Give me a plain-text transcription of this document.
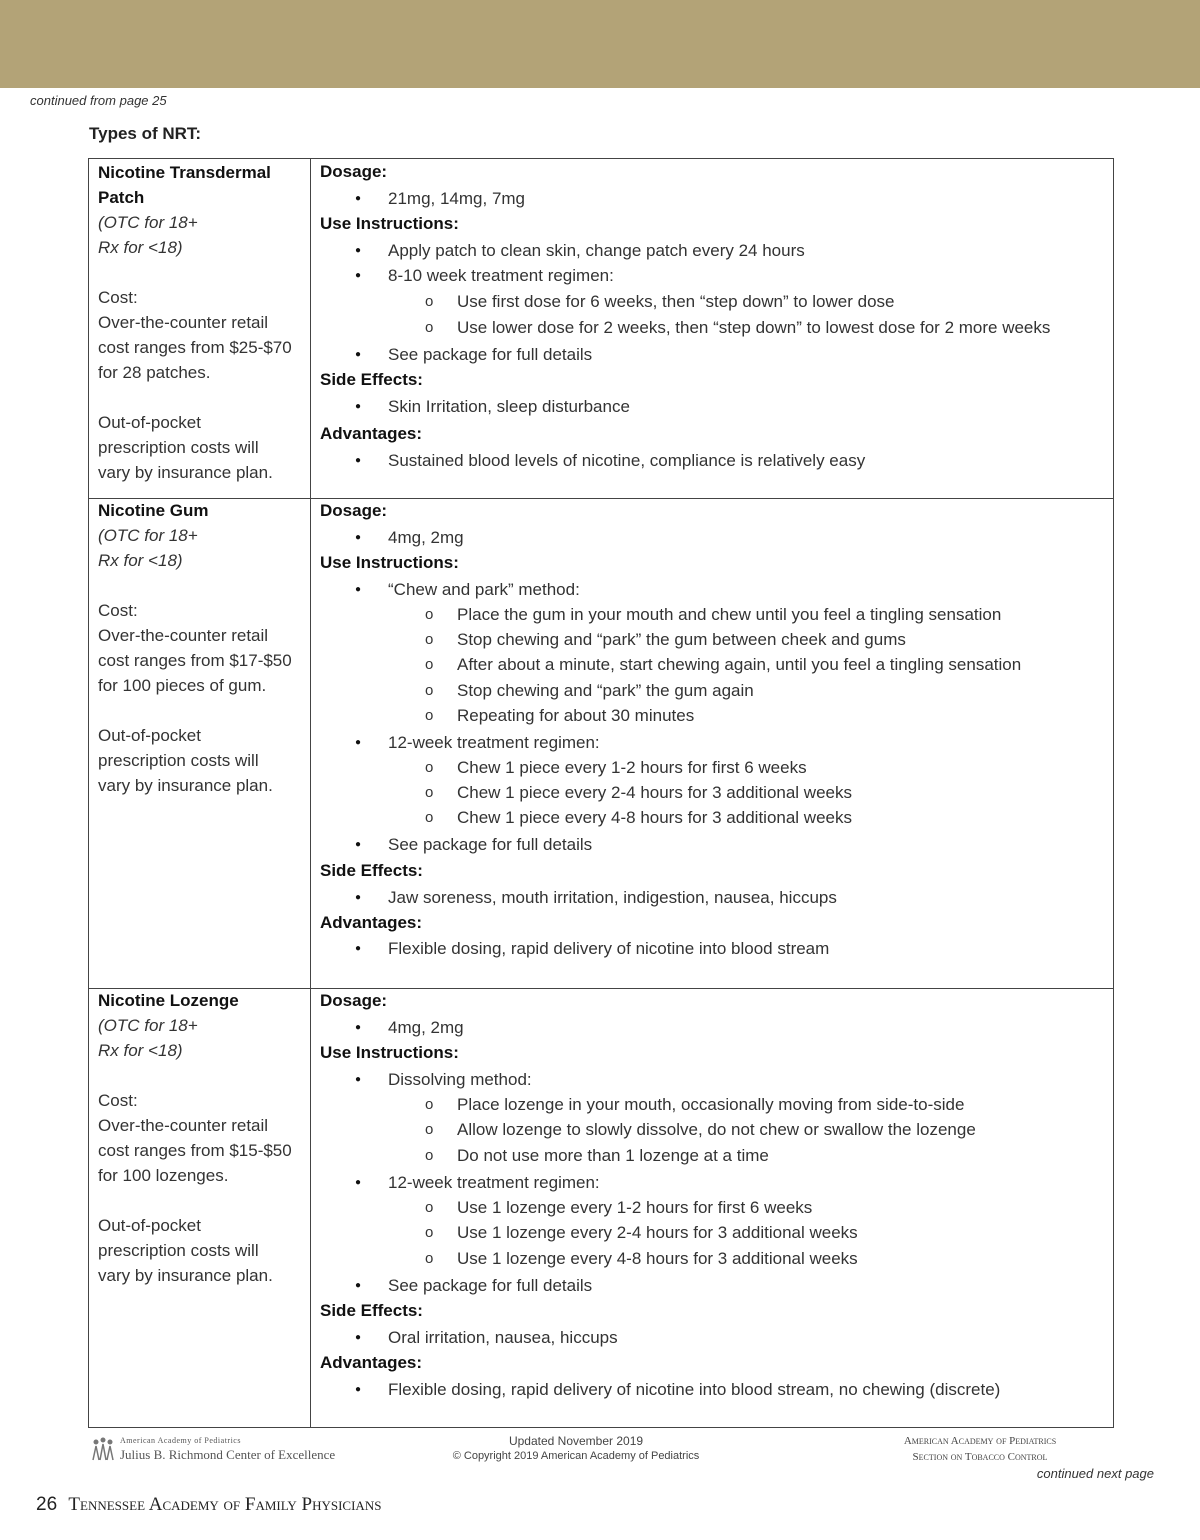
continued from page 25
Types of NRT:
Nicotine Transdermal
Patch
(OTC for 18+
Rx for <18)
Cost:
Over-the-counter retail
cost ranges from $25-$70
for 28 patches.
Out-of-pocket
prescription costs will
vary by insurance plan.
Dosage:
● 21mg, 14mg, 7mg
Use Instructions:
● Apply patch to clean skin, change patch every 24 hours
● 8-10 week treatment regimen:
o Use first dose for 6 weeks, then “step down” to lower dose
o Use lower dose for 2 weeks, then “step down” to lowest dose for 2 more weeks
● See package for full details
Side Effects:
● Skin Irritation, sleep disturbance
Advantages:
● Sustained blood levels of nicotine, compliance is relatively easy
Nicotine Gum
(OTC for 18+
Rx for <18)
Cost:
Over-the-counter retail
cost ranges from $17-$50
for 100 pieces of gum.
Out-of-pocket
prescription costs will
vary by insurance plan.
Dosage:
● 4mg, 2mg
Use Instructions:
● “Chew and park” method:
o Place the gum in your mouth and chew until you feel a tingling sensation
o Stop chewing and “park” the gum between cheek and gums
o After about a minute, start chewing again, until you feel a tingling sensation
o Stop chewing and “park” the gum again
o Repeating for about 30 minutes
● 12-week treatment regimen:
o Chew 1 piece every 1-2 hours for first 6 weeks
o Chew 1 piece every 2-4 hours for 3 additional weeks
o Chew 1 piece every 4-8 hours for 3 additional weeks
● See package for full details
Side Effects:
● Jaw soreness, mouth irritation, indigestion, nausea, hiccups
Advantages:
● Flexible dosing, rapid delivery of nicotine into blood stream
Nicotine Lozenge
(OTC for 18+
Rx for <18)
Cost:
Over-the-counter retail
cost ranges from $15-$50
for 100 lozenges.
Out-of-pocket
prescription costs will
vary by insurance plan.
Dosage:
● 4mg, 2mg
Use Instructions:
● Dissolving method:
o Place lozenge in your mouth, occasionally moving from side-to-side
o Allow lozenge to slowly dissolve, do not chew or swallow the lozenge
o Do not use more than 1 lozenge at a time
● 12-week treatment regimen:
o Use 1 lozenge every 1-2 hours for first 6 weeks
o Use 1 lozenge every 2-4 hours for 3 additional weeks
o Use 1 lozenge every 4-8 hours for 3 additional weeks
● See package for full details
Side Effects:
● Oral irritation, nausea, hiccups
Advantages:
● Flexible dosing, rapid delivery of nicotine into blood stream, no chewing (discrete)
American Academy of Pediatrics
Julius B. Richmond Center of Excellence
Updated November 2019
© Copyright 2019 American Academy of Pediatrics
American Academy of Pediatrics
Section on Tobacco Control
continued next page
26 Tennessee Academy of Family Physicians
